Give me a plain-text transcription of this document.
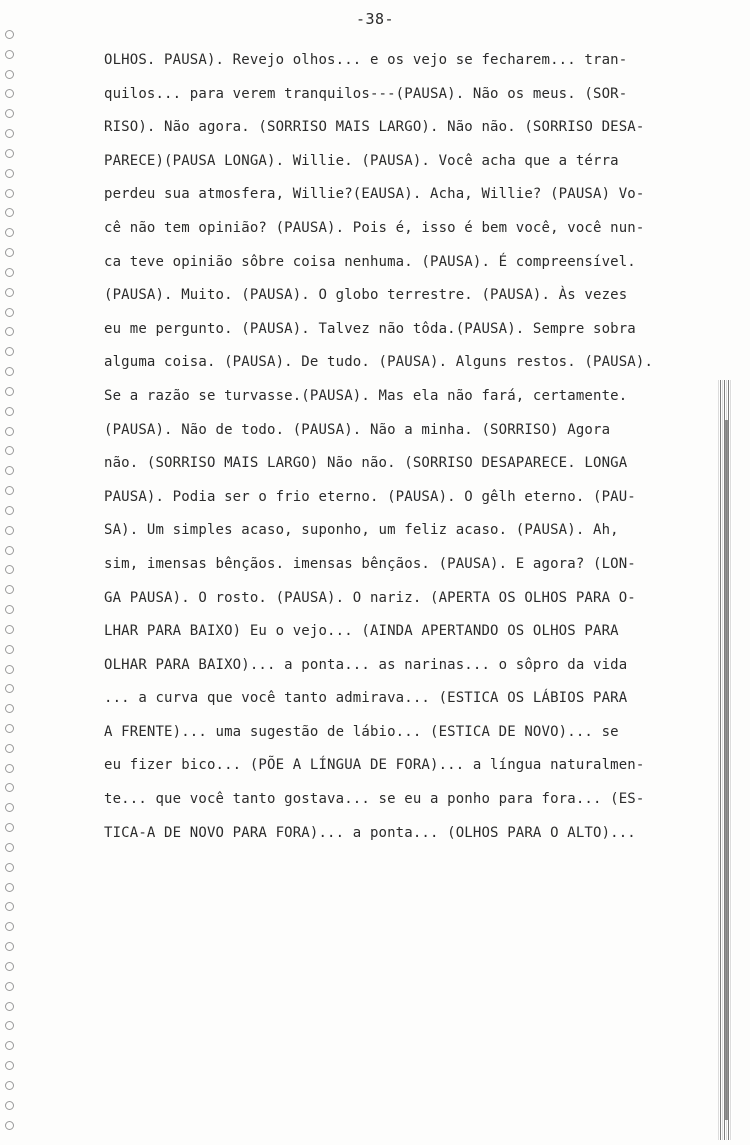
-38-
OLHOS. PAUSA). Revejo olhos... e os vejo se fecharem... tran-
quilos... para verem tranquilos---(PAUSA). Não os meus. (SOR-
RISO). Não agora. (SORRISO MAIS LARGO). Não não. (SORRISO DESA-
PARECE)(PAUSA LONGA). Willie. (PAUSA). Você acha que a térra
perdeu sua atmosfera, Willie?(EAUSA). Acha, Willie? (PAUSA) Vo-
cê não tem opinião? (PAUSA). Pois é, isso é bem você, você nun-
ca teve opinião sôbre coisa nenhuma. (PAUSA). É compreensível.
(PAUSA). Muito. (PAUSA). O globo terrestre. (PAUSA). Às vezes
eu me pergunto. (PAUSA). Talvez não tôda.(PAUSA). Sempre sobra
alguma coisa. (PAUSA). De tudo. (PAUSA). Alguns restos. (PAUSA).
Se a razão se turvasse.(PAUSA). Mas ela não fará, certamente.
(PAUSA). Não de todo. (PAUSA). Não a minha. (SORRISO) Agora
não. (SORRISO MAIS LARGO) Não não. (SORRISO DESAPARECE. LONGA
PAUSA). Podia ser o frio eterno. (PAUSA). O gêlh eterno. (PAU-
SA). Um simples acaso, suponho, um feliz acaso. (PAUSA). Ah,
sim, imensas bênçãos. imensas bênçãos. (PAUSA). E agora? (LON-
GA PAUSA). O rosto. (PAUSA). O nariz. (APERTA OS OLHOS PARA O-
LHAR PARA BAIXO) Eu o vejo... (AINDA APERTANDO OS OLHOS PARA
OLHAR PARA BAIXO)... a ponta... as narinas... o sôpro da vida
... a curva que você tanto admirava... (ESTICA OS LÁBIOS PARA
A FRENTE)... uma sugestão de lábio... (ESTICA DE NOVO)... se
eu fizer bico... (PÕE A LÍNGUA DE FORA)... a língua naturalmen-
te... que você tanto gostava... se eu a ponho para fora... (ES-
TICA-A DE NOVO PARA FORA)... a ponta... (OLHOS PARA O ALTO)...
